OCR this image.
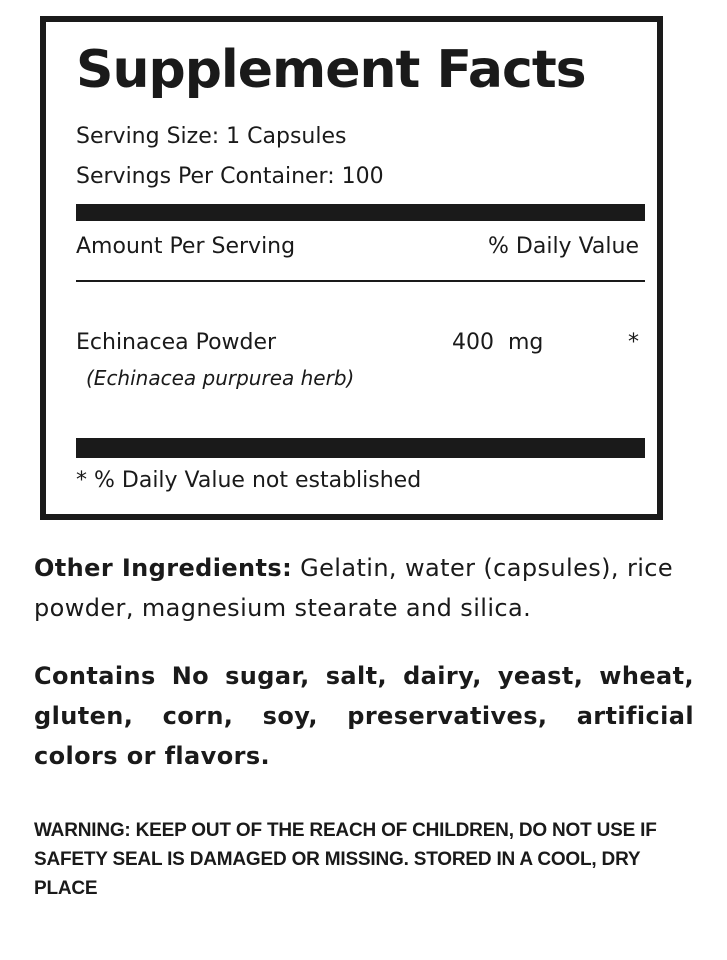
Supplement Facts
Serving Size: 1 Capsules
Servings Per Container: 100
Amount Per Serving	% Daily Value
Echinacea Powder
(Echinacea purpurea herb)
400  mg	*
* % Daily Value not established
Other Ingredients: Gelatin, water (capsules), rice powder, magnesium stearate and silica.
Contains No sugar, salt, dairy, yeast, wheat, gluten, corn, soy, preservatives, artificial colors or flavors.
WARNING: KEEP OUT OF THE REACH OF CHILDREN, DO NOT USE IF SAFETY SEAL IS DAMAGED OR MISSING. STORED IN A COOL, DRY PLACE
